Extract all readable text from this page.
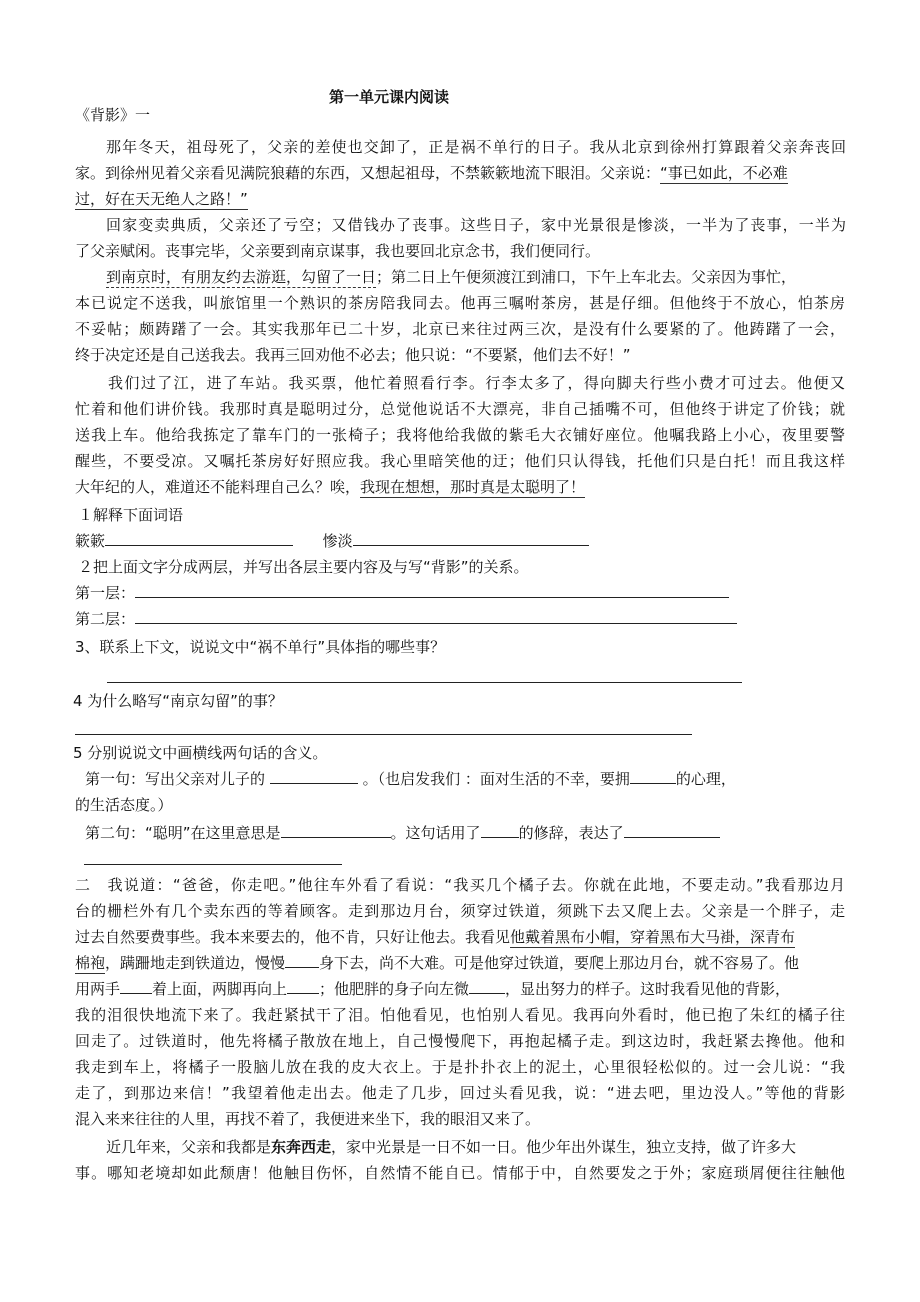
第一单元课内阅读
《背影》一
那年冬天，祖母死了，父亲的差使也交卸了，正是祸不单行的日子。我从北京到徐州打算跟着父亲奔丧回
家。到徐州见着父亲看见满院狼藉的东西，又想起祖母，不禁簌簌地流下眼泪。父亲说：“事已如此，不必难
过，好在天无绝人之路！”
回家变卖典质，父亲还了亏空；又借钱办了丧事。这些日子，家中光景很是惨淡，一半为了丧事，一半为
了父亲赋闲。丧事完毕，父亲要到南京谋事，我也要回北京念书，我们便同行。
到南京时，有朋友约去游逛，勾留了一日；第二日上午便须渡江到浦口，下午上车北去。父亲因为事忙，
本已说定不送我，叫旅馆里一个熟识的茶房陪我同去。他再三嘱咐茶房，甚是仔细。但他终于不放心，怕茶房
不妥帖；颇踌躇了一会。其实我那年已二十岁，北京已来往过两三次，是没有什么要紧的了。他踌躇了一会，
终于决定还是自己送我去。我再三回劝他不必去；他只说：“不要紧，他们去不好！”
我们过了江，进了车站。我买票，他忙着照看行李。行李太多了，得向脚夫行些小费才可过去。他便又
忙着和他们讲价钱。我那时真是聪明过分，总觉他说话不大漂亮，非自己插嘴不可，但他终于讲定了价钱；就
送我上车。他给我拣定了靠车门的一张椅子；我将他给我做的紫毛大衣铺好座位。他嘱我路上小心，夜里要警
醒些，不要受凉。又嘱托茶房好好照应我。我心里暗笑他的迂；他们只认得钱，托他们只是白托！而且我这样
大年纪的人，难道还不能料理自己么？唉，我现在想想，那时真是太聪明了！
１解释下面词语
簌簌	惨淡
２把上面文字分成两层，并写出各层主要内容及与写“背影”的关系。
第一层：
第二层：
3、联系上下文，说说文中“祸不单行”具体指的哪些事？
4 为什么略写“南京勾留”的事？
5 分别说说文中画横线两句话的含义。
第一句：写出父亲对儿子的	。（也启发我们 ：面对生活的不幸，要拥	的心理，
的生活态度。）
第二句：“聪明”在这里意思是	。这句话用了	的修辞，表达了
二　我说道：“爸爸，你走吧。”他往车外看了看说：“我买几个橘子去。你就在此地，不要走动。”我看那边月
台的栅栏外有几个卖东西的等着顾客。走到那边月台，须穿过铁道，须跳下去又爬上去。父亲是一个胖子，走
过去自然要费事些。我本来要去的，他不肯，只好让他去。我看见他戴着黑布小帽，穿着黑布大马褂，深青布
棉袍，蹒跚地走到铁道边，慢慢 身下去，尚不大难。可是他穿过铁道，要爬上那边月台，就不容易了。他
用两手 着上面，两脚再向上 ；他肥胖的身子向左微 ，显出努力的样子。这时我看见他的背影，
我的泪很快地流下来了。我赶紧拭干了泪。怕他看见，也怕别人看见。我再向外看时，他已抱了朱红的橘子往
回走了。过铁道时，他先将橘子散放在地上，自己慢慢爬下，再抱起橘子走。到这边时，我赶紧去搀他。他和
我走到车上，将橘子一股脑儿放在我的皮大衣上。于是扑扑衣上的泥土，心里很轻松似的。过一会儿说：“我
走了，到那边来信！”我望着他走出去。他走了几步，回过头看见我，说：“进去吧，里边没人。”等他的背影
混入来来往往的人里，再找不着了，我便进来坐下，我的眼泪又来了。
近几年来，父亲和我都是东奔西走，家中光景是一日不如一日。他少年出外谋生，独立支持，做了许多大
事。哪知老境却如此颓唐！他触目伤怀，自然情不能自已。情郁于中，自然要发之于外；家庭琐屑便往往触他
